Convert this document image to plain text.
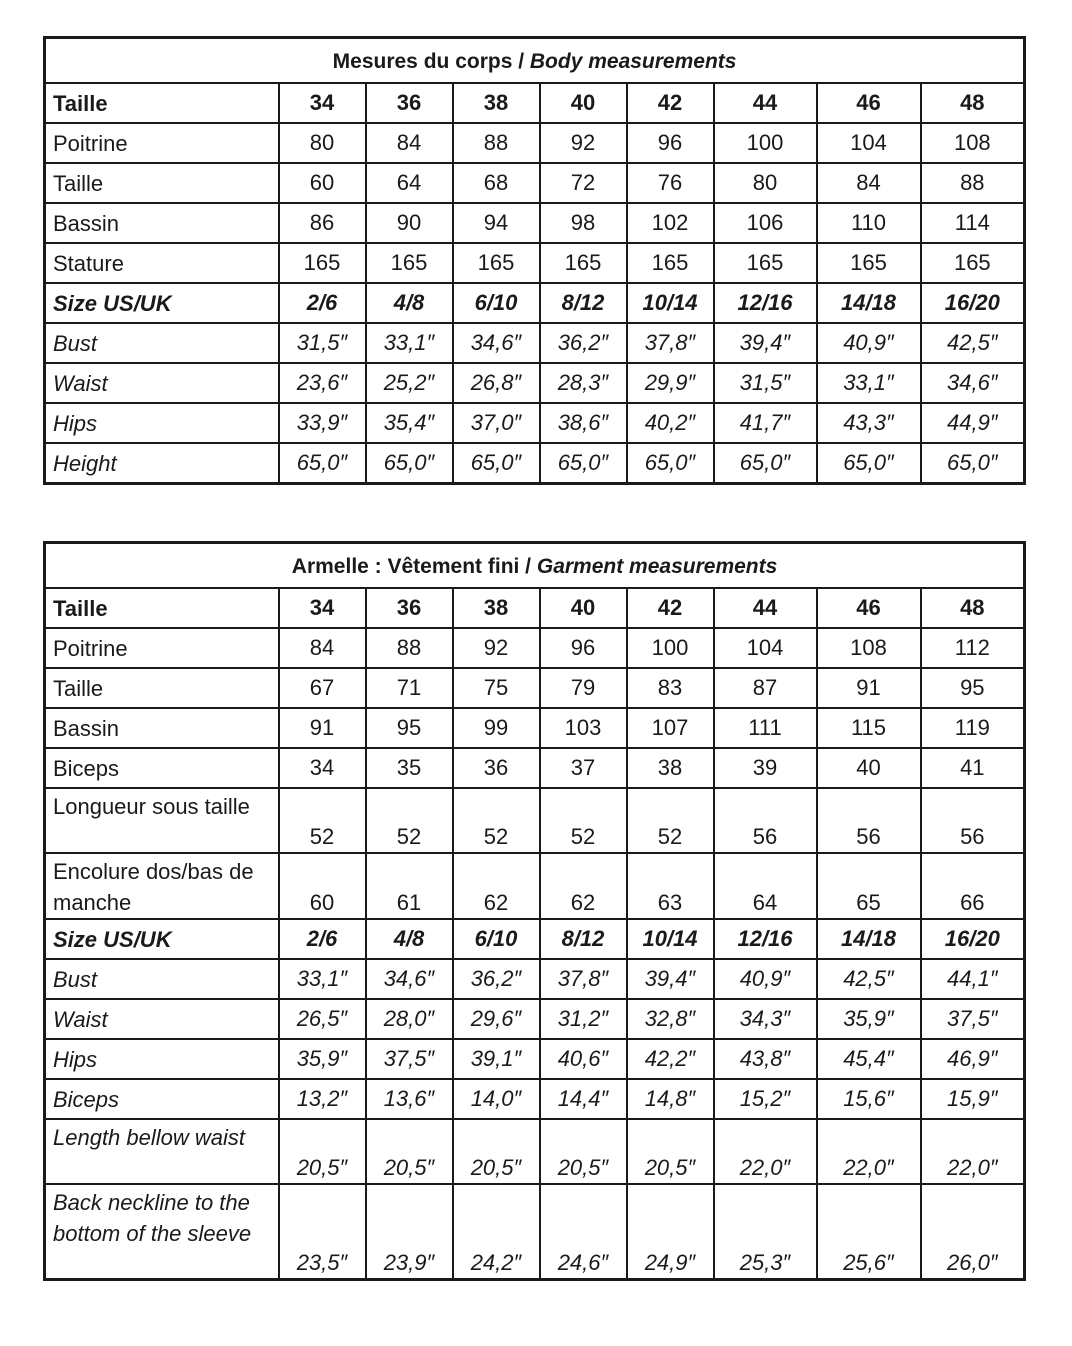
Mesures du corps / Body measurements								
Taille	34	36	38	40	42	44	46	48
Poitrine	80	84	88	92	96	100	104	108
Taille	60	64	68	72	76	80	84	88
Bassin	86	90	94	98	102	106	110	114
Stature	165	165	165	165	165	165	165	165
Size US/UK	2/6	4/8	6/10	8/12	10/14	12/16	14/18	16/20
Bust	31,5″	33,1″	34,6″	36,2″	37,8″	39,4″	40,9″	42,5″
Waist	23,6″	25,2″	26,8″	28,3″	29,9″	31,5″	33,1″	34,6″
Hips	33,9″	35,4″	37,0″	38,6″	40,2″	41,7″	43,3″	44,9″
Height	65,0″	65,0″	65,0″	65,0″	65,0″	65,0″	65,0″	65,0″
Armelle : Vêtement fini / Garment measurements								
Taille	34	36	38	40	42	44	46	48
Poitrine	84	88	92	96	100	104	108	112
Taille	67	71	75	79	83	87	91	95
Bassin	91	95	99	103	107	111	115	119
Biceps	34	35	36	37	38	39	40	41
Longueur sous taille	52	52	52	52	52	56	56	56
Encolure dos/bas de manche	60	61	62	62	63	64	65	66
Size US/UK	2/6	4/8	6/10	8/12	10/14	12/16	14/18	16/20
Bust	33,1″	34,6″	36,2″	37,8″	39,4″	40,9″	42,5″	44,1″
Waist	26,5″	28,0″	29,6″	31,2″	32,8″	34,3″	35,9″	37,5″
Hips	35,9″	37,5″	39,1″	40,6″	42,2″	43,8″	45,4″	46,9″
Biceps	13,2″	13,6″	14,0″	14,4″	14,8″	15,2″	15,6″	15,9″
Length bellow waist	20,5″	20,5″	20,5″	20,5″	20,5″	22,0″	22,0″	22,0″
Back neckline to the bottom of the sleeve	23,5″	23,9″	24,2″	24,6″	24,9″	25,3″	25,6″	26,0″
